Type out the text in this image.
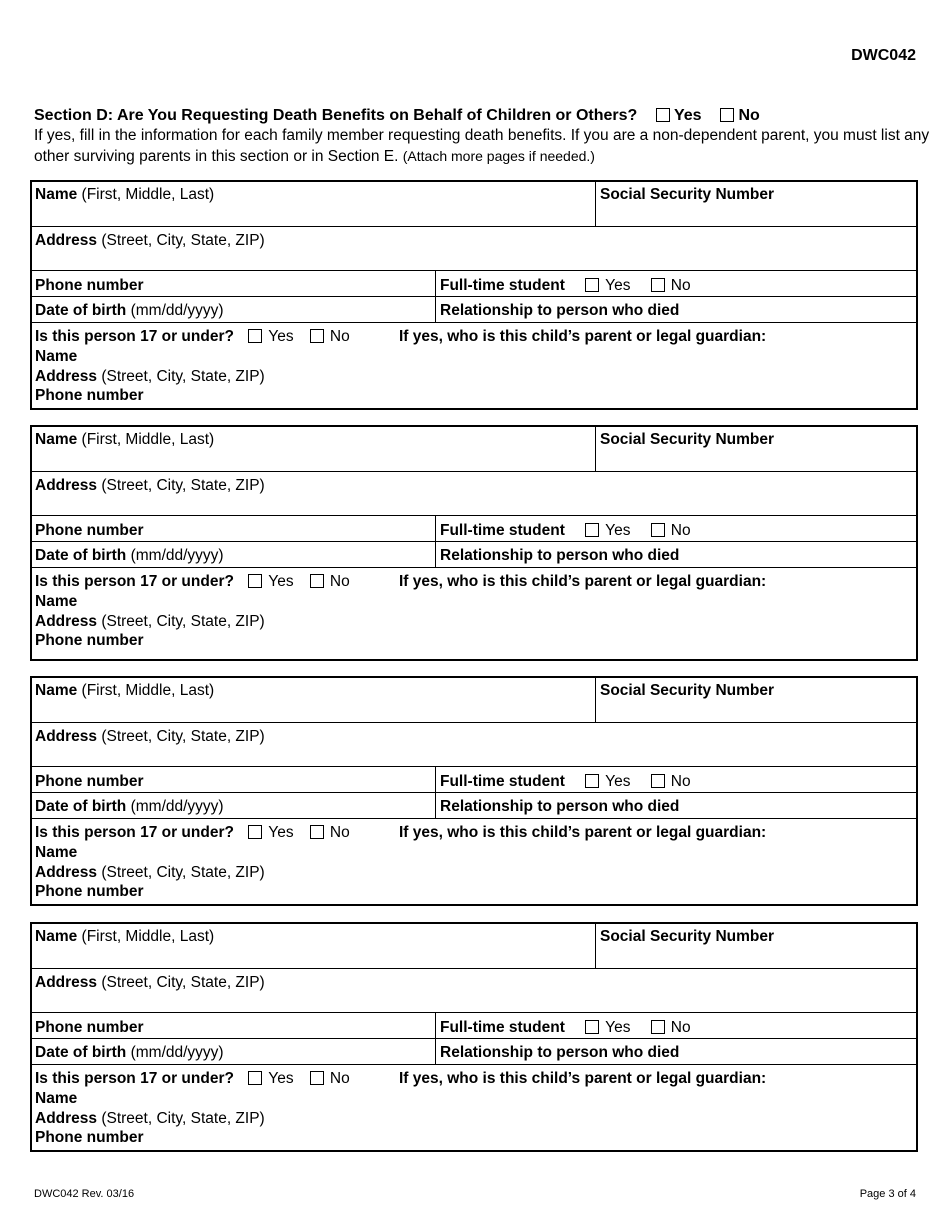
DWC042
Section D: Are You Requesting Death Benefits on Behalf of Children or Others? Yes No
If yes, fill in the information for each family member requesting death benefits. If you are a non-dependent parent, you must list any other surviving parents in this section or in Section E. (Attach more pages if needed.)
Name (First, Middle, Last)	Social Security Number
Address (Street, City, State, ZIP)
Phone number	Full-time student	Yes	No
Date of birth (mm/dd/yyyy)	Relationship to person who died
Is this person 17 or under? Yes No	If yes, who is this child’s parent or legal guardian:
Name
Address (Street, City, State, ZIP)
Phone number
Name (First, Middle, Last)	Social Security Number
Address (Street, City, State, ZIP)
Phone number	Full-time student	Yes	No
Date of birth (mm/dd/yyyy)	Relationship to person who died
Is this person 17 or under? Yes No	If yes, who is this child’s parent or legal guardian:
Name
Address (Street, City, State, ZIP)
Phone number
Name (First, Middle, Last)	Social Security Number
Address (Street, City, State, ZIP)
Phone number	Full-time student	Yes	No
Date of birth (mm/dd/yyyy)	Relationship to person who died
Is this person 17 or under? Yes No	If yes, who is this child’s parent or legal guardian:
Name
Address (Street, City, State, ZIP)
Phone number
Name (First, Middle, Last)	Social Security Number
Address (Street, City, State, ZIP)
Phone number	Full-time student	Yes	No
Date of birth (mm/dd/yyyy)	Relationship to person who died
Is this person 17 or under? Yes No	If yes, who is this child’s parent or legal guardian:
Name
Address (Street, City, State, ZIP)
Phone number
DWC042 Rev. 03/16	Page 3 of 4
